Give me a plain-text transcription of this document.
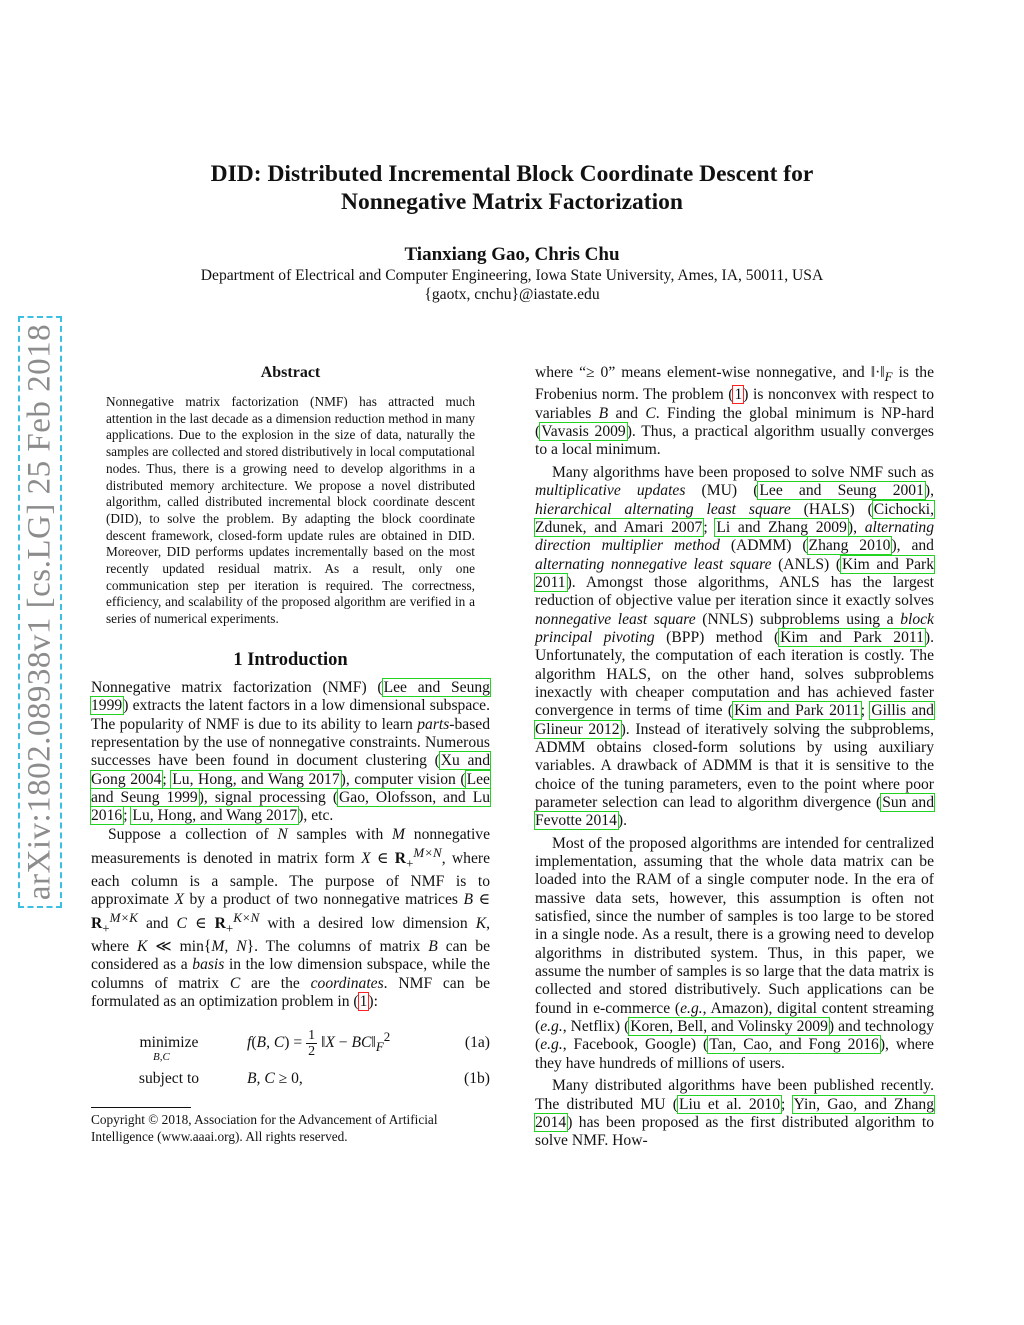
arXiv:1802.08938v1 [cs.LG] 25 Feb 2018
DID: Distributed Incremental Block Coordinate Descent for
Nonnegative Matrix Factorization
Tianxiang Gao, Chris Chu
Department of Electrical and Computer Engineering, Iowa State University, Ames, IA, 50011, USA
{gaotx, cnchu}@iastate.edu
Abstract
Nonnegative matrix factorization (NMF) has attracted much attention in the last decade as a dimension reduction method in many applications. Due to the explosion in the size of data, naturally the samples are collected and stored distributively in local computational nodes. Thus, there is a growing need to develop algorithms in a distributed memory architecture. We propose a novel distributed algorithm, called distributed incremental block coordinate descent (DID), to solve the problem. By adapting the block coordinate descent framework, closed-form update rules are obtained in DID. Moreover, DID performs updates incrementally based on the most recently updated residual matrix. As a result, only one communication step per iteration is required. The correctness, efficiency, and scalability of the proposed algorithm are verified in a series of numerical experiments.
1 Introduction

Nonnegative matrix factorization (NMF) (Lee and Seung 1999) extracts the latent factors in a low dimensional subspace. The popularity of NMF is due to its ability to learn parts-based representation by the use of nonnegative constraints. Numerous successes have been found in document clustering (Xu and Gong 2004; Lu, Hong, and Wang 2017), computer vision (Lee and Seung 1999), signal processing (Gao, Olofsson, and Lu 2016; Lu, Hong, and Wang 2017), etc.

Suppose a collection of N samples with M nonnegative measurements is denoted in matrix form X ∈ $R_+^{M\times N}$, where each column is a sample. The purpose of NMF is to approximate X by a product of two nonnegative matrices B ∈ $R_+^{M\times K}$ and C ∈ $R_+^{K\times N}$ with a desired low dimension K, where K ≪ min{M, N}. The columns of matrix B can be considered as a basis in the low dimension subspace, while the columns of matrix C are the coordinates. NMF can be formulated as an optimization problem in (1):

minimize
B,C
f(B, $C) = \frac{1}{2}$ ‖X − $BC‖_F^2$	(1a)
subject to	B, C ≥ 0,	(1b)
Copyright © 2018, Association for the Advancement of Artificial Intelligence (www.aaai.org). All rights reserved.

where “≥ 0” means element-wise nonnegative, and $‖\cdot‖_F$ is the Frobenius norm. The problem (1) is nonconvex with respect to variables B and C. Finding the global minimum is NP-hard (Vavasis 2009). Thus, a practical algorithm usually converges to a local minimum.

Many algorithms have been proposed to solve NMF such as multiplicative updates (MU) (Lee and Seung 2001), hierarchical alternating least square (HALS) (Cichocki, Zdunek, and Amari 2007; Li and Zhang 2009), alternating direction multiplier method (ADMM) (Zhang 2010), and alternating nonnegative least square (ANLS) (Kim and Park 2011). Amongst those algorithms, ANLS has the largest reduction of objective value per iteration since it exactly solves nonnegative least square (NNLS) subproblems using a block principal pivoting (BPP) method (Kim and Park 2011). Unfortunately, the computation of each iteration is costly. The algorithm HALS, on the other hand, solves subproblems inexactly with cheaper computation and has achieved faster convergence in terms of time (Kim and Park 2011; Gillis and Glineur 2012). Instead of iteratively solving the subproblems, ADMM obtains closed-form solutions by using auxiliary variables. A drawback of ADMM is that it is sensitive to the choice of the tuning parameters, even to the point where poor parameter selection can lead to algorithm divergence (Sun and Fevotte 2014).

Most of the proposed algorithms are intended for centralized implementation, assuming that the whole data matrix can be loaded into the RAM of a single computer node. In the era of massive data sets, however, this assumption is often not satisfied, since the number of samples is too large to be stored in a single node. As a result, there is a growing need to develop algorithms in distributed system. Thus, in this paper, we assume the number of samples is so large that the data matrix is collected and stored distributively. Such applications can be found in e-commerce (e.g., Amazon), digital content streaming (e.g., Netflix) (Koren, Bell, and Volinsky 2009) and technology (e.g., Facebook, Google) (Tan, Cao, and Fong 2016), where they have hundreds of millions of users.

Many distributed algorithms have been published recently. The distributed MU (Liu et al. 2010; Yin, Gao, and Zhang 2014) has been proposed as the first distributed algorithm to solve NMF. How-
